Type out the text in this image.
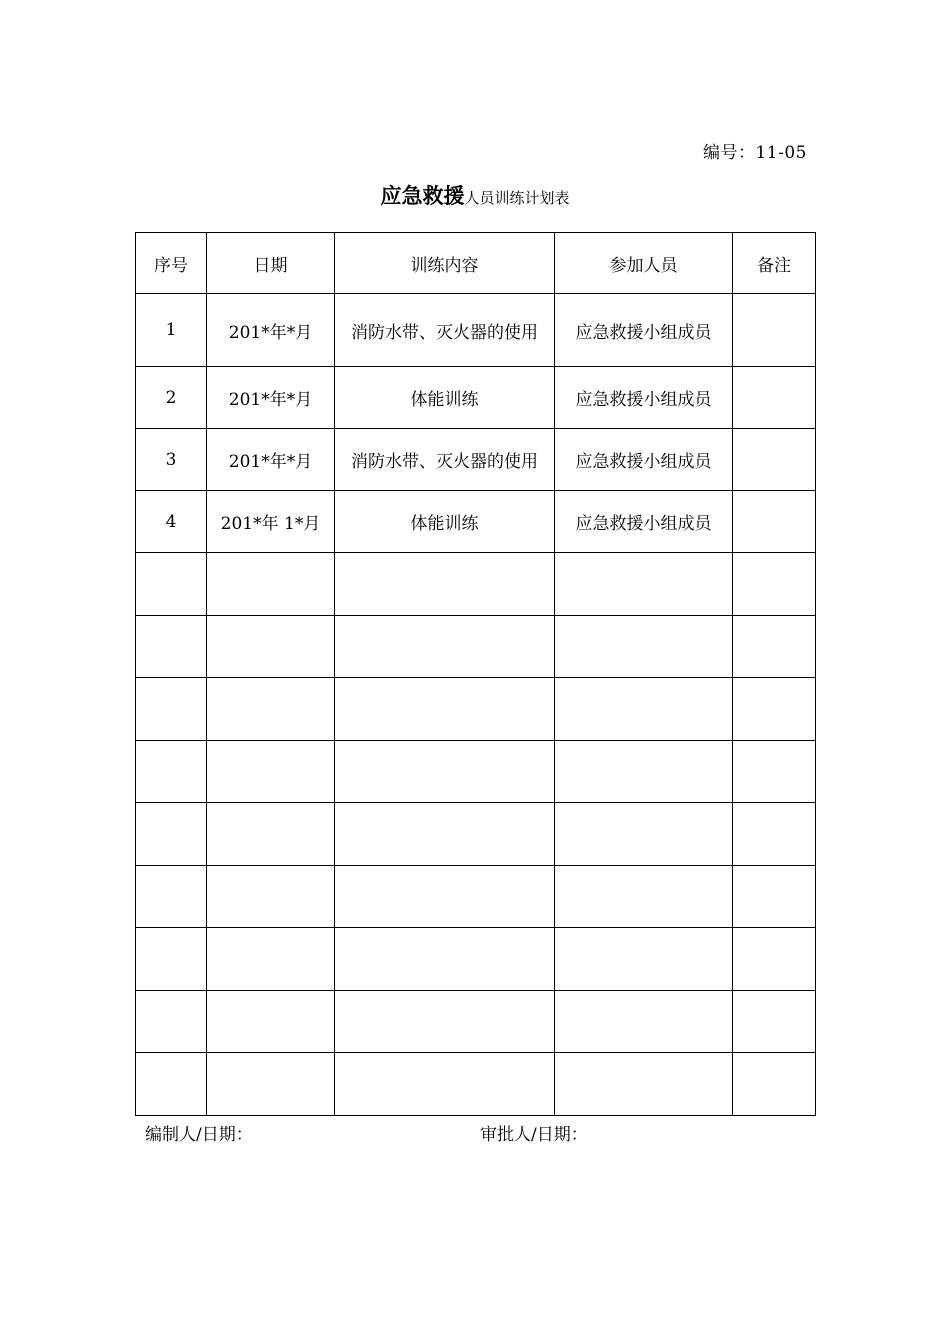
编号：11-05
应急救援人员训练计划表
序号	日期	训练内容	参加人员	备注
1	201*年*月	消防水带、灭火器的使用	应急救援小组成员	
2	201*年*月	体能训练	应急救援小组成员	
3	201*年*月	消防水带、灭火器的使用	应急救援小组成员	
4	201*年 1*月	体能训练	应急救援小组成员	

编制人/日期：	审批人/日期：
